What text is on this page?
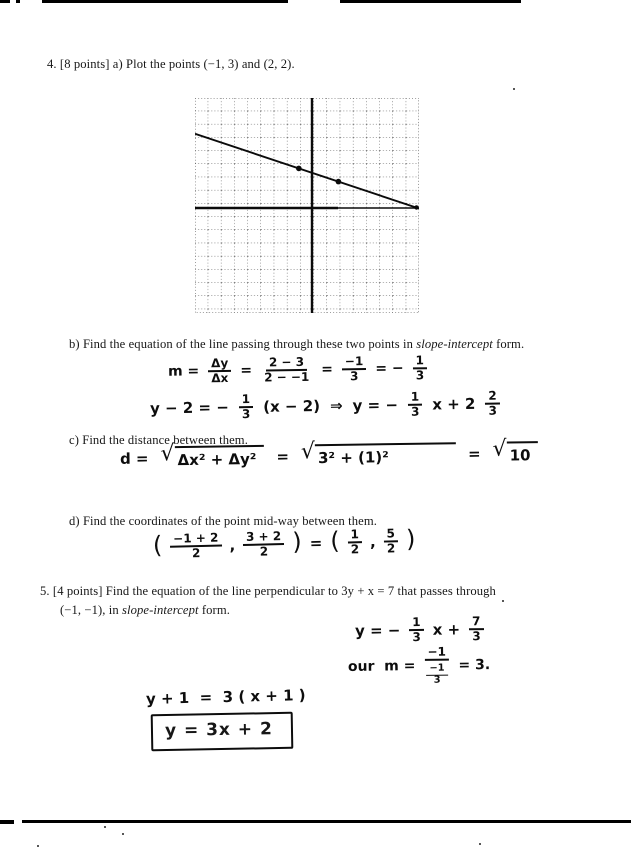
4. [8 points] a) Plot the points (−1, 3) and (2, 2).
b) Find the equation of the line passing through these two points in slope-intercept form.
$m = \frac{\Delta y}{\Delta x} = \frac{2 - 3}{2 - -1} = \frac{-1}{3}$ = − $\frac{1}{3}$
y − 2 = − $\frac{1}{3} (x - 2)$ ⇒ y = − $\frac{1}{3}$ $x + 2 \frac{2}{3}$
c) Find the distance between them.
d = √ Δx² + Δy²	= √ 3² + (1)²	= √ 10
d) Find the coordinates of the point mid-way between them.
( $\frac{-1 + 2}{2}$ , $\frac{3 + 2}{2}$ ) = ( $\frac{1}{2}$ , $\frac{5}{2}$ )
5. [4 points] Find the equation of the line perpendicular to 3y + x = 7 that passes through
(−1, −1), in slope-intercept form.
y = − $\frac{1}{3}$ $x + \frac{7}{3}$
our  $m = \frac{-1}{\frac{-1}{3}} = 3$.
y + 1  =  3 ( x + 1 )
y = 3x + 2
